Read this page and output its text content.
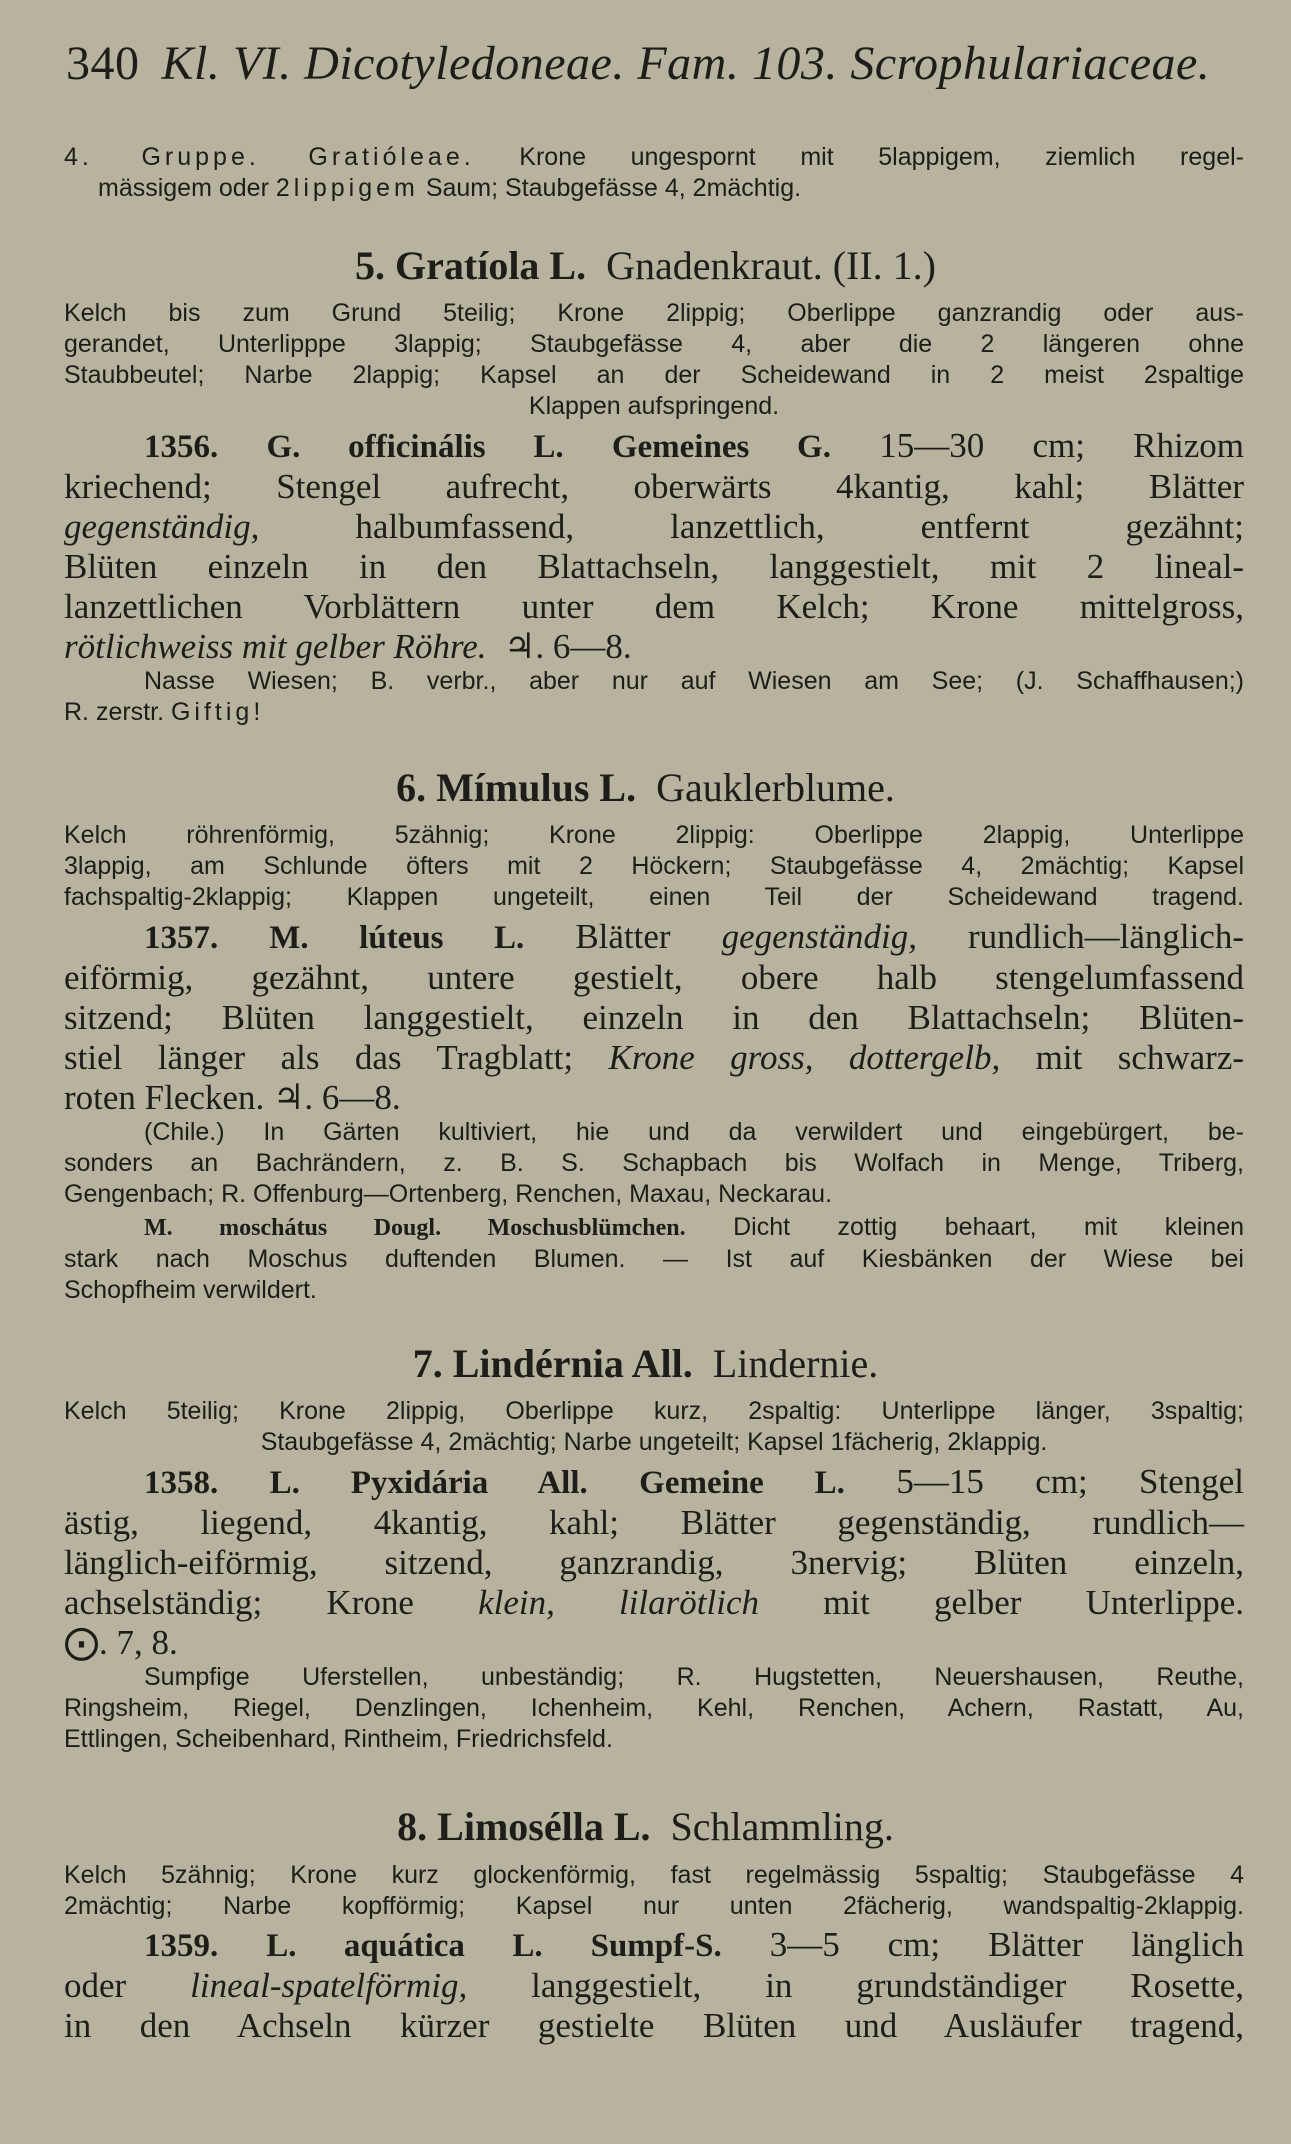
340 Kl. VI. Dicotyledoneae. Fam. 103. Scrophulariaceae.
4. Gruppe. Gratióleae. Krone ungespornt mit 5lappigem, ziemlich regel-
mässigem oder 2lippigem Saum; Staubgefässe 4, 2mächtig.
5. Gratíola L. Gnadenkraut. (II. 1.)
Kelch bis zum Grund 5teilig; Krone 2lippig; Oberlippe ganzrandig oder aus-
gerandet, Unterlipppe 3lappig; Staubgefässe 4, aber die 2 längeren ohne
Staubbeutel; Narbe 2lappig; Kapsel an der Scheidewand in 2 meist 2spaltige
Klappen aufspringend.
1356. G. officinális L. Gemeines G. 15—30 cm; Rhizom
kriechend; Stengel aufrecht, oberwärts 4kantig, kahl; Blätter
gegenständig,	halbumfassend, lanzettlich, entfernt gezähnt;
Blüten einzeln in den Blattachseln, langgestielt, mit 2 lineal-
lanzettlichen Vorblättern unter dem Kelch; Krone mittelgross,
rötlichweiss mit gelber Röhre. ♃. 6—8.
Nasse Wiesen; B. verbr., aber nur auf Wiesen am See; (J. Schaffhausen;)
R. zerstr. Giftig!
6. Mímulus L. Gauklerblume.
Kelch röhrenförmig, 5zähnig; Krone 2lippig: Oberlippe 2lappig, Unterlippe
3lappig, am Schlunde öfters mit 2 Höckern; Staubgefässe 4, 2mächtig; Kapsel
fachspaltig-2klappig; Klappen ungeteilt, einen Teil der Scheidewand tragend.
1357. M. lúteus L. Blätter gegenständig, rundlich—länglich-
eiförmig, gezähnt, untere gestielt, obere halb stengelumfassend
sitzend; Blüten langgestielt, einzeln in den Blattachseln; Blüten-
stiel länger als das Tragblatt; Krone gross, dottergelb, mit schwarz-
roten Flecken. ♃. 6—8.
(Chile.) In Gärten kultiviert, hie und da verwildert und eingebürgert, be-
sonders an Bachrändern, z. B. S. Schapbach bis Wolfach in Menge, Triberg,
Gengenbach; R. Offenburg—Ortenberg, Renchen, Maxau, Neckarau.
M. moschátus Dougl. Moschusblümchen. Dicht zottig behaart, mit kleinen
stark nach Moschus duftenden Blumen. — Ist auf Kiesbänken der Wiese bei
Schopfheim verwildert.
7. Lindérnia All. Lindernie.
Kelch 5teilig; Krone 2lippig, Oberlippe kurz, 2spaltig: Unterlippe länger, 3spaltig;
Staubgefässe 4, 2mächtig; Narbe ungeteilt; Kapsel 1fächerig, 2klappig.
1358. L. Pyxidária All. Gemeine L. 5—15 cm; Stengel
ästig, liegend, 4kantig, kahl; Blätter gegenständig, rundlich—
länglich-eiförmig, sitzend, ganzrandig, 3nervig; Blüten einzeln,
achselständig; Krone klein, lilarötlich mit gelber Unterlippe.
⨀. 7, 8.
Sumpfige Uferstellen, unbeständig; R. Hugstetten, Neuershausen, Reuthe,
Ringsheim, Riegel, Denzlingen, Ichenheim, Kehl, Renchen, Achern, Rastatt, Au,
Ettlingen, Scheibenhard, Rintheim, Friedrichsfeld.
8. Limosélla L. Schlammling.
Kelch 5zähnig; Krone kurz glockenförmig, fast regelmässig 5spaltig; Staubgefässe 4
2mächtig; Narbe kopfförmig; Kapsel nur unten 2fächerig, wandspaltig-2klappig.
1359. L. aquática L. Sumpf-S. 3—5 cm; Blätter länglich
oder lineal-spatelförmig, langgestielt, in grundständiger Rosette,
in den Achseln kürzer gestielte Blüten und Ausläufer tragend,
